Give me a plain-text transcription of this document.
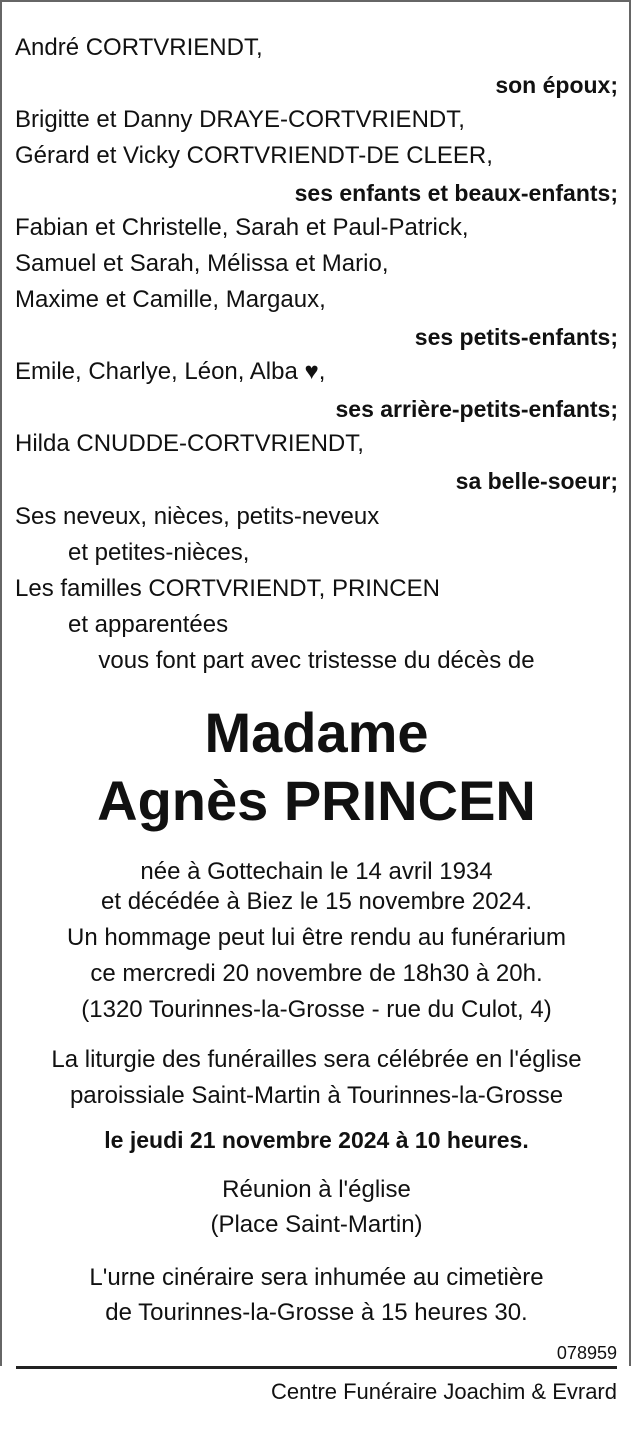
André CORTVRIENDT,
son époux;
Brigitte et Danny DRAYE-CORTVRIENDT,
Gérard et Vicky CORTVRIENDT-DE CLEER,
ses enfants et beaux-enfants;
Fabian et Christelle, Sarah et Paul-Patrick,
Samuel et Sarah, Mélissa et Mario,
Maxime et Camille, Margaux,
ses petits-enfants;
Emile, Charlye, Léon, Alba ♥,
ses arrière-petits-enfants;
Hilda CNUDDE-CORTVRIENDT,
sa belle-soeur;
Ses neveux, nièces, petits-neveux
et petites-nièces,
Les familles CORTVRIENDT, PRINCEN
et apparentées
vous font part avec tristesse du décès de
Madame
Agnès PRINCEN
née à Gottechain le 14 avril 1934
et décédée à Biez le 15 novembre 2024.
Un hommage peut lui être rendu au funérarium
ce mercredi 20 novembre de 18h30 à 20h.
(1320 Tourinnes-la-Grosse - rue du Culot, 4)
La liturgie des funérailles sera célébrée en l'église
paroissiale Saint-Martin à Tourinnes-la-Grosse
le jeudi 21 novembre 2024 à 10 heures.
Réunion à l'église
(Place Saint-Martin)
L'urne cinéraire sera inhumée au cimetière
de Tourinnes-la-Grosse à 15 heures 30.
078959
Centre Funéraire Joachim & Evrard
